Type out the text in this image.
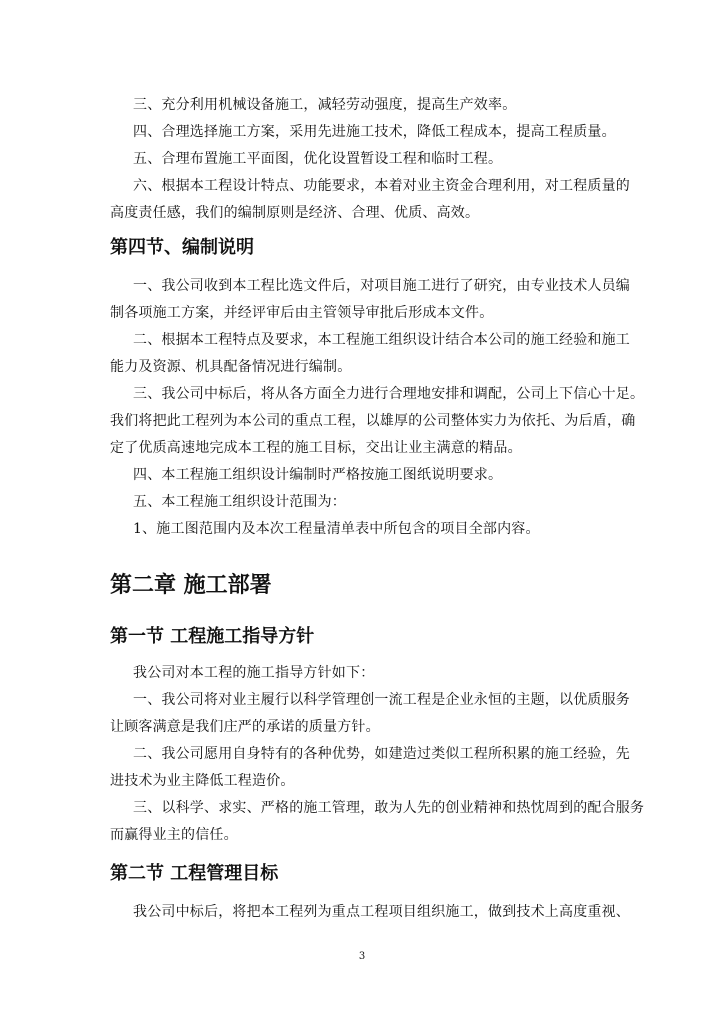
三、充分利用机械设备施工，减轻劳动强度，提高生产效率。
四、合理选择施工方案，采用先进施工技术，降低工程成本，提高工程质量。
五、合理布置施工平面图，优化设置暂设工程和临时工程。
六、根据本工程设计特点、功能要求，本着对业主资金合理利用，对工程质量的
高度责任感，我们的编制原则是经济、合理、优质、高效。
第四节、编制说明
一、我公司收到本工程比选文件后，对项目施工进行了研究，由专业技术人员编
制各项施工方案，并经评审后由主管领导审批后形成本文件。
二、根据本工程特点及要求，本工程施工组织设计结合本公司的施工经验和施工
能力及资源、机具配备情况进行编制。
三、我公司中标后，将从各方面全力进行合理地安排和调配，公司上下信心十足。
我们将把此工程列为本公司的重点工程，以雄厚的公司整体实力为依托、为后盾，确
定了优质高速地完成本工程的施工目标，交出让业主满意的精品。
四、本工程施工组织设计编制时严格按施工图纸说明要求。
五、本工程施工组织设计范围为：
1、施工图范围内及本次工程量清单表中所包含的项目全部内容。
第二章 施工部署
第一节 工程施工指导方针
我公司对本工程的施工指导方针如下：
一、我公司将对业主履行以科学管理创一流工程是企业永恒的主题，以优质服务
让顾客满意是我们庄严的承诺的质量方针。
二、我公司愿用自身特有的各种优势，如建造过类似工程所积累的施工经验，先
进技术为业主降低工程造价。
三、以科学、求实、严格的施工管理，敢为人先的创业精神和热忱周到的配合服务
而赢得业主的信任。
第二节 工程管理目标
我公司中标后，将把本工程列为重点工程项目组织施工，做到技术上高度重视、
3
